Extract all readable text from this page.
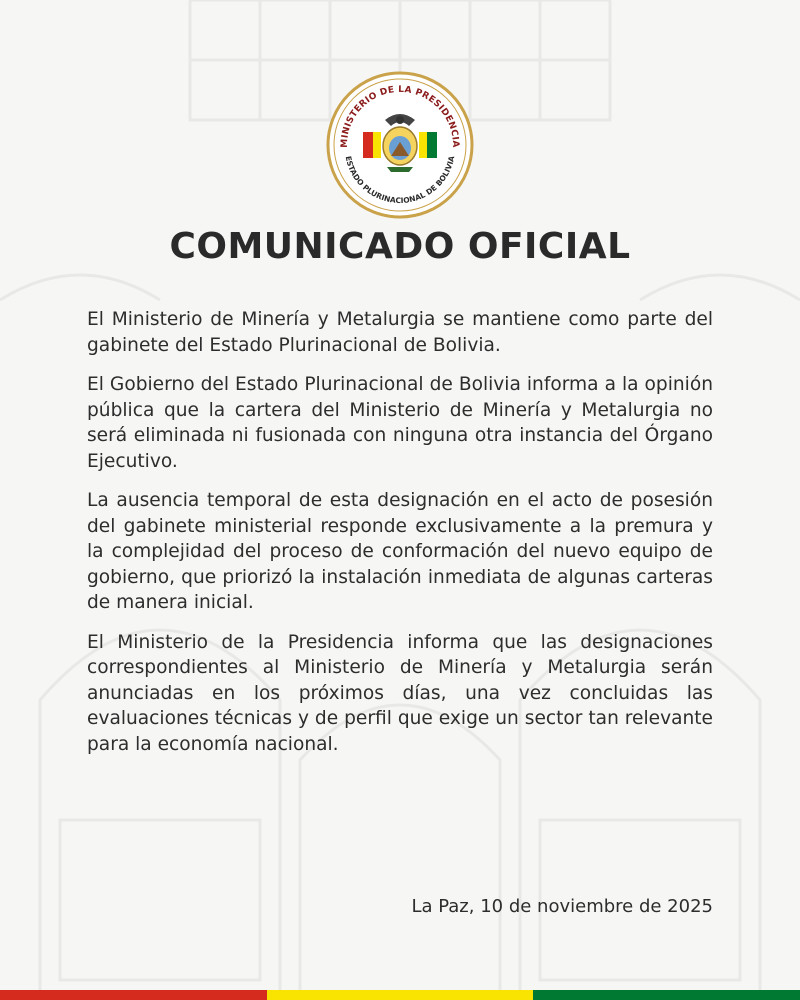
MINISTERIO DE LA PRESIDENCIA
ESTADO PLURINACIONAL DE BOLIVIA
COMUNICADO OFICIAL

El Ministerio de Minería y Metalurgia se mantiene como parte del gabinete del Estado Plurinacional de Bolivia.

El Gobierno del Estado Plurinacional de Bolivia informa a la opinión pública que la cartera del Ministerio de Minería y Metalurgia no será eliminada ni fusionada con ninguna otra instancia del Órgano Ejecutivo.

La ausencia temporal de esta designación en el acto de posesión del gabinete ministerial responde exclusivamente a la premura y la complejidad del proceso de conformación del nuevo equipo de gobierno, que priorizó la instalación inmediata de algunas carteras de manera inicial.

El Ministerio de la Presidencia informa que las designaciones correspondientes al Ministerio de Minería y Metalurgia serán anunciadas en los próximos días, una vez concluidas las evaluaciones técnicas y de perfil que exige un sector tan relevante para la economía nacional.

La Paz, 10 de noviembre de 2025
